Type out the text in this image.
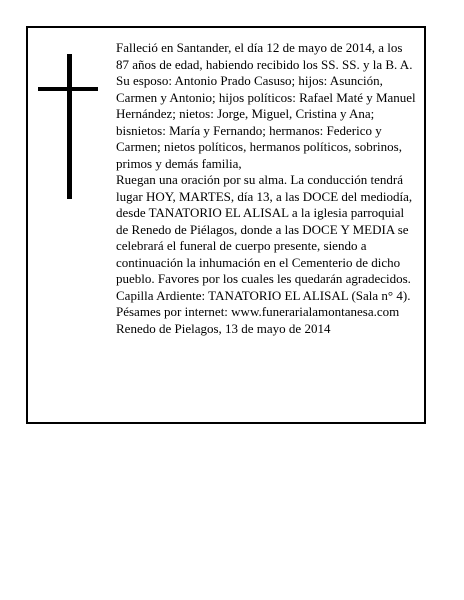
Falleció en Santander, el día 12 de mayo de 2014, a los 87 años de edad, habiendo recibido los SS. SS. y la B. A.

Su esposo: Antonio Prado Casuso; hijos: Asunción, Carmen y Antonio; hijos políticos: Rafael Maté y Manuel Hernández; nietos: Jorge, Miguel, Cristina y Ana; bisnietos: María y Fernando; hermanos: Federico y Carmen; nietos políticos, hermanos políticos, sobrinos, primos y demás familia,

Ruegan una oración por su alma. La conducción tendrá lugar HOY, MARTES, día 13, a las DOCE del mediodía, desde TANATORIO EL ALISAL a la iglesia parroquial de Renedo de Piélagos, donde a las DOCE Y MEDIA se celebrará el funeral de cuerpo presente, siendo a continuación la inhumación en el Cementerio de dicho pueblo. Favores por los cuales les quedarán agradecidos. Capilla Ardiente: TANATORIO EL ALISAL (Sala n° 4).

Pésames por internet: www.funerarialamontanesa.com

Renedo de Pielagos, 13 de mayo de 2014
